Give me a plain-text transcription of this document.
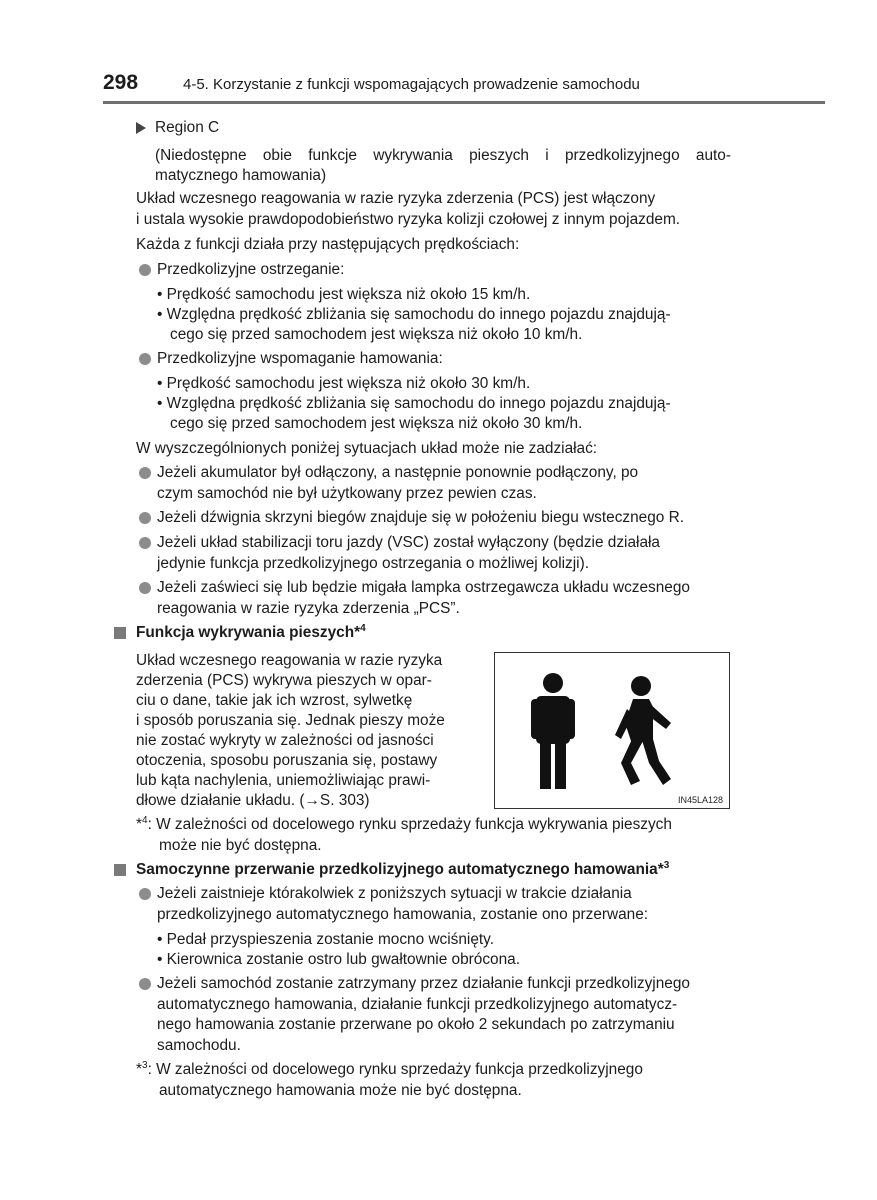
298	4-5. Korzystanie z funkcji wspomagających prowadzenie samochodu
Region C
(Niedostępne obie funkcje wykrywania pieszych i przedkolizyjnego auto-
matycznego hamowania)
Układ wczesnego reagowania w razie ryzyka zderzenia (PCS) jest włączony
i ustala wysokie prawdopodobieństwo ryzyka kolizji czołowej z innym pojazdem.
Każda z funkcji działa przy następujących prędkościach:
Przedkolizyjne ostrzeganie:
• Prędkość samochodu jest większa niż około 15 km/h.
• Względna prędkość zbliżania się samochodu do innego pojazdu znajdują-
cego się przed samochodem jest większa niż około 10 km/h.
Przedkolizyjne wspomaganie hamowania:
• Prędkość samochodu jest większa niż około 30 km/h.
• Względna prędkość zbliżania się samochodu do innego pojazdu znajdują-
cego się przed samochodem jest większa niż około 30 km/h.
W wyszczególnionych poniżej sytuacjach układ może nie zadziałać:
Jeżeli akumulator był odłączony, a następnie ponownie podłączony, po
czym samochód nie był użytkowany przez pewien czas.
Jeżeli dźwignia skrzyni biegów znajduje się w położeniu biegu wstecznego R.
Jeżeli układ stabilizacji toru jazdy (VSC) został wyłączony (będzie działała
jedynie funkcja przedkolizyjnego ostrzegania o możliwej kolizji).
Jeżeli zaświeci się lub będzie migała lampka ostrzegawcza układu wczesnego
reagowania w razie ryzyka zderzenia „PCS”.
Funkcja wykrywania pieszych*$^4$
Układ wczesnego reagowania w razie ryzyka
zderzenia (PCS) wykrywa pieszych w opar-
ciu o dane, takie jak ich wzrost, sylwetkę
i sposób poruszania się. Jednak pieszy może
nie zostać wykryty w zależności od jasności
otoczenia, sposobu poruszania się, postawy
lub kąta nachylenia, uniemożliwiając prawi-
dłowe działanie układu. (→S. 303)	IN45LA128
*$^4$: W zależności od docelowego rynku sprzedaży funkcja wykrywania pieszych
może nie być dostępna.
Samoczynne przerwanie przedkolizyjnego automatycznego hamowania*$^3$
Jeżeli zaistnieje którakolwiek z poniższych sytuacji w trakcie działania
przedkolizyjnego automatycznego hamowania, zostanie ono przerwane:
• Pedał przyspieszenia zostanie mocno wciśnięty.
• Kierownica zostanie ostro lub gwałtownie obrócona.
Jeżeli samochód zostanie zatrzymany przez działanie funkcji przedkolizyjnego
automatycznego hamowania, działanie funkcji przedkolizyjnego automatycz-
nego hamowania zostanie przerwane po około 2 sekundach po zatrzymaniu
samochodu.
*$^3$: W zależności od docelowego rynku sprzedaży funkcja przedkolizyjnego
automatycznego hamowania może nie być dostępna.
